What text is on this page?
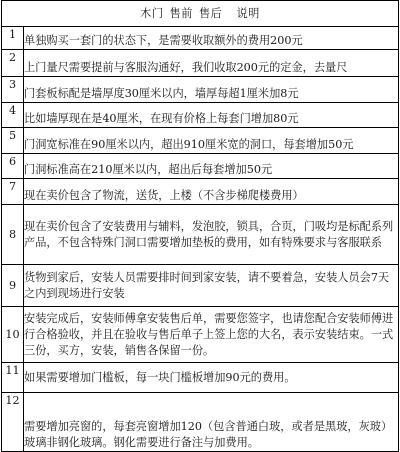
木门 售前 售后 说明	
1	单独购买一套门的状态下，是需要收取额外的费用200元
2	上门量尺需要提前与客服沟通好，我们收取200元的定金，去量尺
3	门套板标配是墙厚度30厘米以内，墙厚每超1厘米加8元
4	比如墙厚现在是40厘米，在现有价格上每套门增加80元
5	门洞宽标准在90厘米以内，超出910厘米宽的洞口，每套增加50元
6	门洞标准高在210厘米以内，超出后每套增加50元
7	现在卖价包含了物流，送货，上楼（不含步梯爬楼费用）
8	现在卖价包含了安装费用与辅料，发泡胶，锁具，合页，门吸均是标配系列产品，不包含特殊门洞口需要增加垫板的费用，如有特殊要求与客服联系
9	货物到家后，安装人员需要排时间到家安装，请不要着急，安装人员会7天之内到现场进行安装
10	安装完成后，安装师傅拿安装售后单，需要您签字，也请您配合安装师傅进行合格验收，并且在验收与售后单子上签上您的大名，表示安装结束。一式三份，买方，安装，销售各保留一份。
11	如果需要增加门槛板，每一块门槛板增加90元的费用。
12	需要增加亮窗的，每套亮窗增加120（包含普通白玻，或者是黑玻，灰玻）玻璃非钢化玻璃。钢化需要进行备注与加费用。
